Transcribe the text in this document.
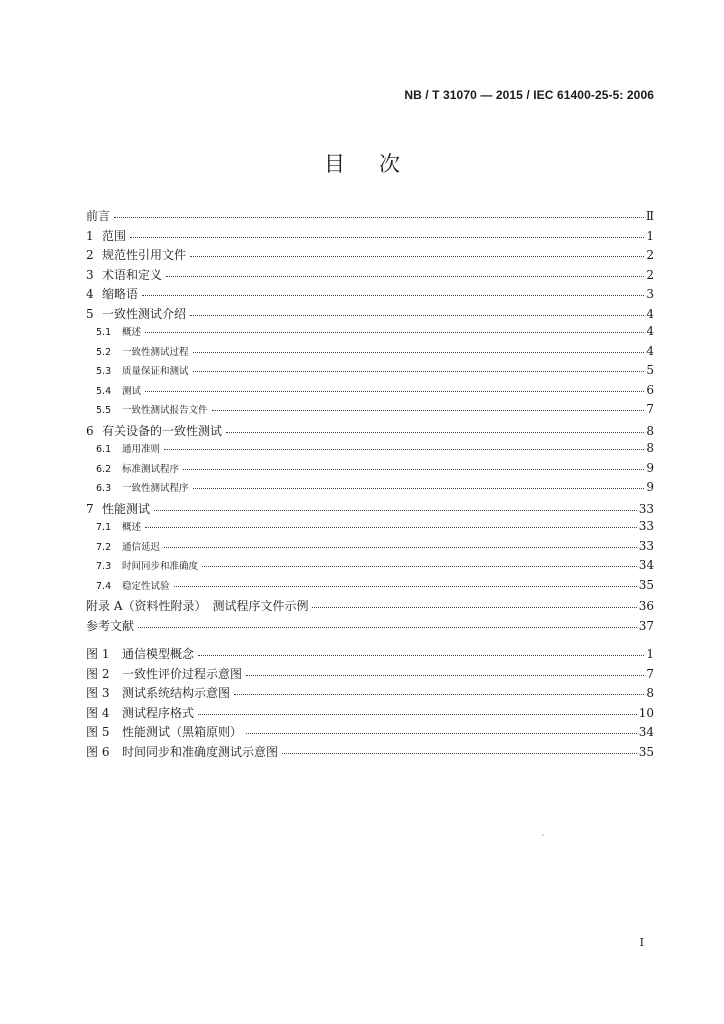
NB / T 31070 — 2015 / IEC 61400-25-5: 2006
目次
前言	Ⅱ
1 范围	1
2 规范性引用文件	2
3 术语和定义	2
4 缩略语	3
5 一致性测试介绍	4
5.1	概述	4
5.2	一致性测试过程	4
5.3	质量保证和测试	5
5.4	测试	6
5.5	一致性测试报告文件	7
6 有关设备的一致性测试	8
6.1	通用准则	8
6.2	标准测试程序	9
6.3	一致性测试程序	9
7 性能测试	33
7.1	概述	33
7.2	通信延迟	33
7.3	时间同步和准确度	34
7.4	稳定性试验	35
附录 A（资料性附录）　测试程序文件示例	36
参考文献	37
图 1	通信模型概念	1
图 2	一致性评价过程示意图	7
图 3	测试系统结构示意图	8
图 4	测试程序格式	10
图 5	性能测试（黑箱原则）	34
图 6	时间同步和准确度测试示意图	35
I
